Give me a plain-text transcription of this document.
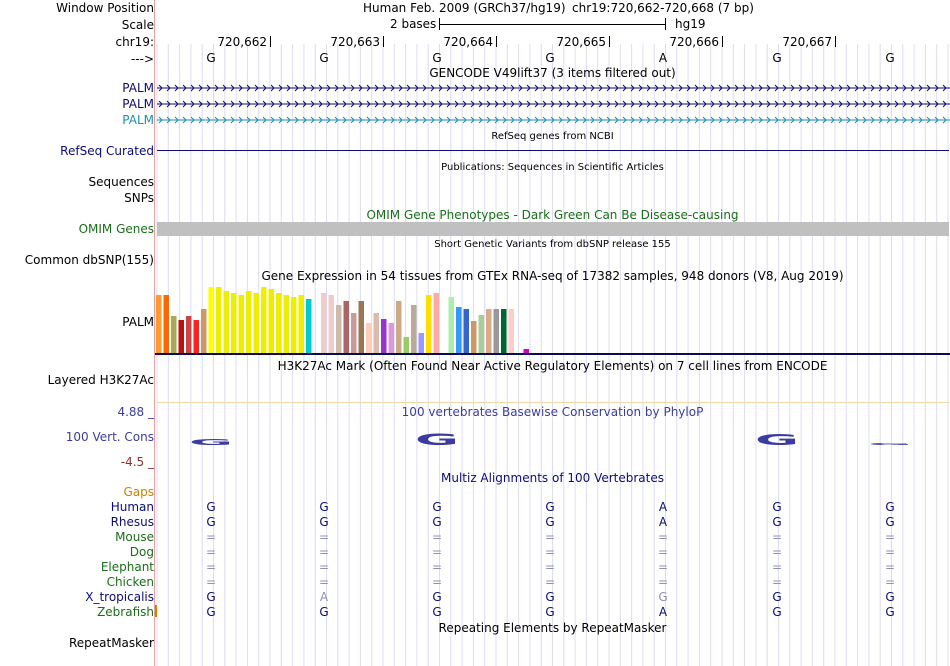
Window Position	Human Feb. 2009 (GRCh37/hg19) chr19:720,662-720,668 (7 bp)
Scale	2 bases	hg19
chr19:	720,662	720,663	720,664	720,665	720,666	720,667
--->	G	G	G	G	A	G	G
GENCODE V49lift37 (3 items filtered out)
PALM
PALM
PALM
RefSeq genes from NCBI
RefSeq Curated
Publications: Sequences in Scientific Articles
Sequences
SNPs
OMIM Gene Phenotypes - Dark Green Can Be Disease-causing
OMIM Genes
Short Genetic Variants from dbSNP release 155
Common dbSNP(155)
Gene Expression in 54 tissues from GTEx RNA-seq of 17382 samples, 948 donors (V8, Aug 2019)
PALM
H3K27Ac Mark (Often Found Near Active Regulatory Elements) on 7 cell lines from ENCODE
Layered H3K27Ac
100 vertebrates Basewise Conservation by PhyloP
4.88 _
100 Vert. Cons
-4.5 _
G	G	G	G
Multiz Alignments of 100 Vertebrates
Gaps
Human	G	G	G	G	A	G	G
Rhesus	G	G	G	G	A	G	G
Mouse	=	=	=	=	=	=	=
Dog	=	=	=	=	=	=	=
Elephant	=	=	=	=	=	=	=
Chicken	=	=	=	=	=	=	=
X_tropicalis	G	A	G	G	G	G	G
Zebrafish	G	G	G	G	A	G	G
Repeating Elements by RepeatMasker
RepeatMasker
